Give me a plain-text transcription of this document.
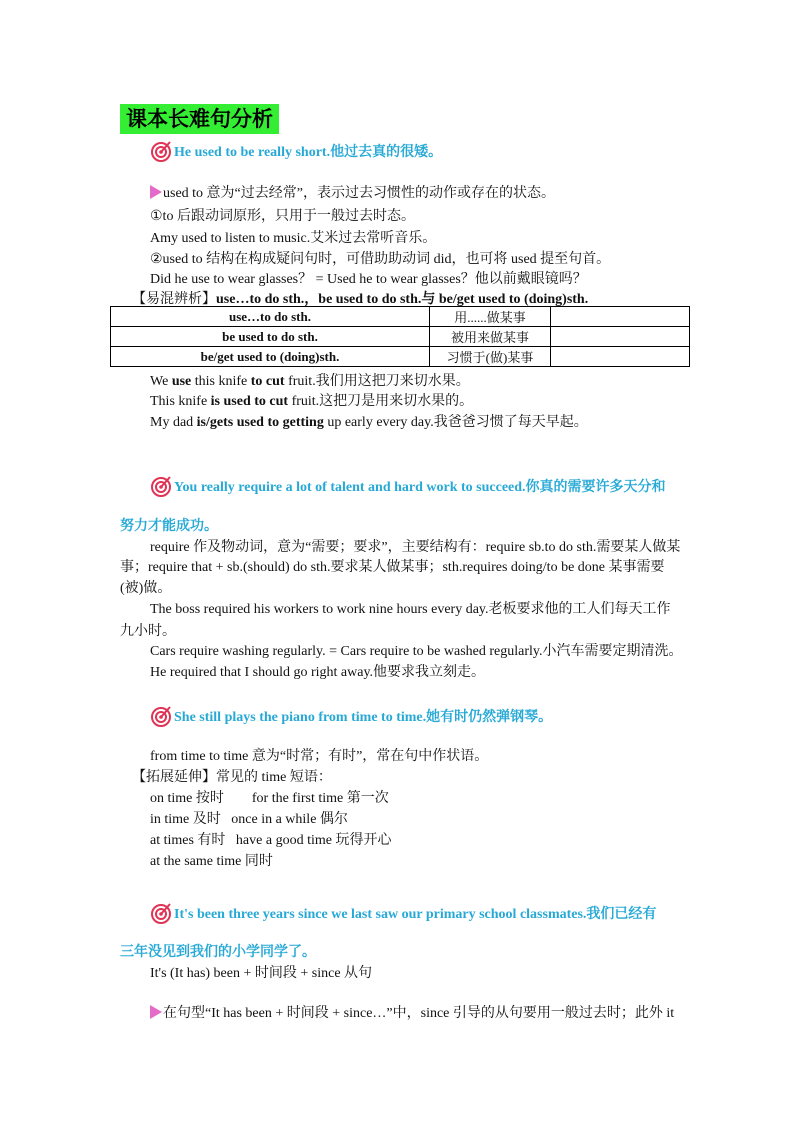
课本长难句分析
He used to be really short.他过去真的很矮。
used to 意为“过去经常”，表示过去习惯性的动作或存在的状态。
①to 后跟动词原形，只用于一般过去时态。
Amy used to listen to music.艾米过去常听音乐。
②used to 结构在构成疑问句时，可借助助动词 did，也可将 used 提至句首。
Did he use to wear glasses？ = Used he to wear glasses？他以前戴眼镜吗？
【易混辨析】use…to do sth.，be used to do sth.与 be/get used to (doing)sth.
use…to do sth.	用......做某事	
be used to do sth.	被用来做某事	
be/get used to (doing)sth.	习惯于(做)某事	
We use this knife to cut fruit.我们用这把刀来切水果。
This knife is used to cut fruit.这把刀是用来切水果的。
My dad is/gets used to getting up early every day.我爸爸习惯了每天早起。
You really require a lot of talent and hard work to succeed.你真的需要许多天分和
努力才能成功。
require 作及物动词，意为“需要；要求”，主要结构有：require sb.to do sth.需要某人做某
事；require that + sb.(should) do sth.要求某人做某事；sth.requires doing/to be done 某事需要
(被)做。
The boss required his workers to work nine hours every day.老板要求他的工人们每天工作
九小时。
Cars require washing regularly. = Cars require to be washed regularly.小汽车需要定期清洗。
He required that I should go right away.他要求我立刻走。
She still plays the piano from time to time.她有时仍然弹钢琴。
from time to time 意为“时常；有时”，常在句中作状语。
【拓展延伸】常见的 time 短语：
on time 按时        for the first time 第一次
in time 及时   once in a while 偶尔
at times 有时   have a good time 玩得开心
at the same time 同时
It's been three years since we last saw our primary school classmates.我们已经有
三年没见到我们的小学同学了。
It's (It has) been + 时间段 + since 从句
在句型“It has been + 时间段 + since…”中，since 引导的从句要用一般过去时；此外 it
